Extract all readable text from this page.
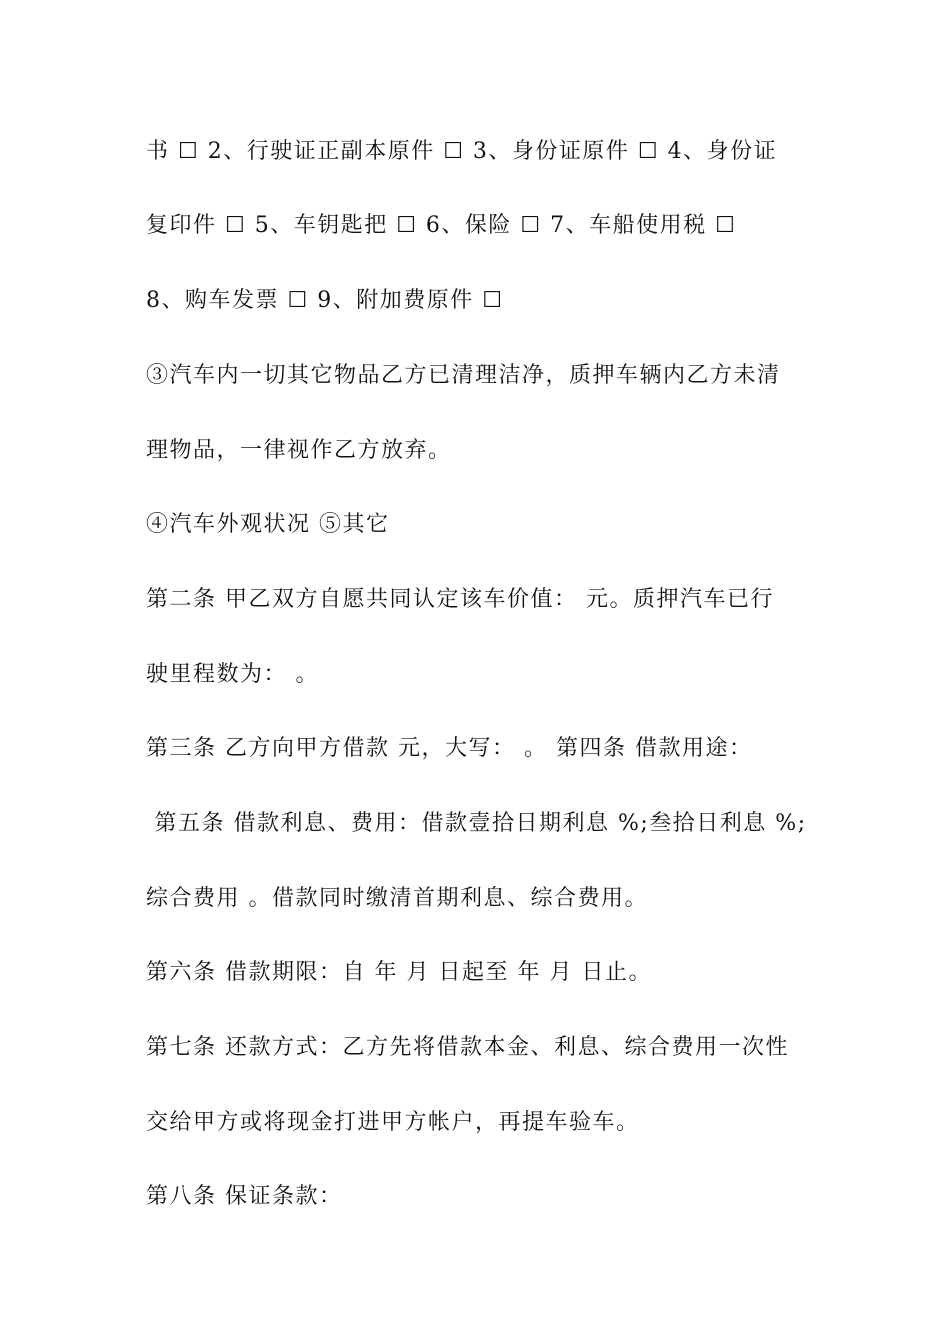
书 ☐ 2、行驶证正副本原件 ☐ 3、身份证原件 ☐ 4、身份证
复印件 ☐ 5、车钥匙把 ☐ 6、保险 ☐ 7、车船使用税 ☐
8、购车发票 ☐ 9、附加费原件 ☐
③汽车内一切其它物品乙方已清理洁净，质押车辆内乙方未清
理物品，一律视作乙方放弃。
④汽车外观状况 ⑤其它
第二条 甲乙双方自愿共同认定该车价值： 元。质押汽车已行
驶里程数为： 。
第三条 乙方向甲方借款 元，大写： 。 第四条 借款用途：
第五条 借款利息、费用：借款壹拾日期利息 %;叁拾日利息 %;
综合费用 。借款同时缴清首期利息、综合费用。
第六条 借款期限：自 年 月 日起至 年 月 日止。
第七条 还款方式：乙方先将借款本金、利息、综合费用一次性
交给甲方或将现金打进甲方帐户，再提车验车。
第八条 保证条款：
